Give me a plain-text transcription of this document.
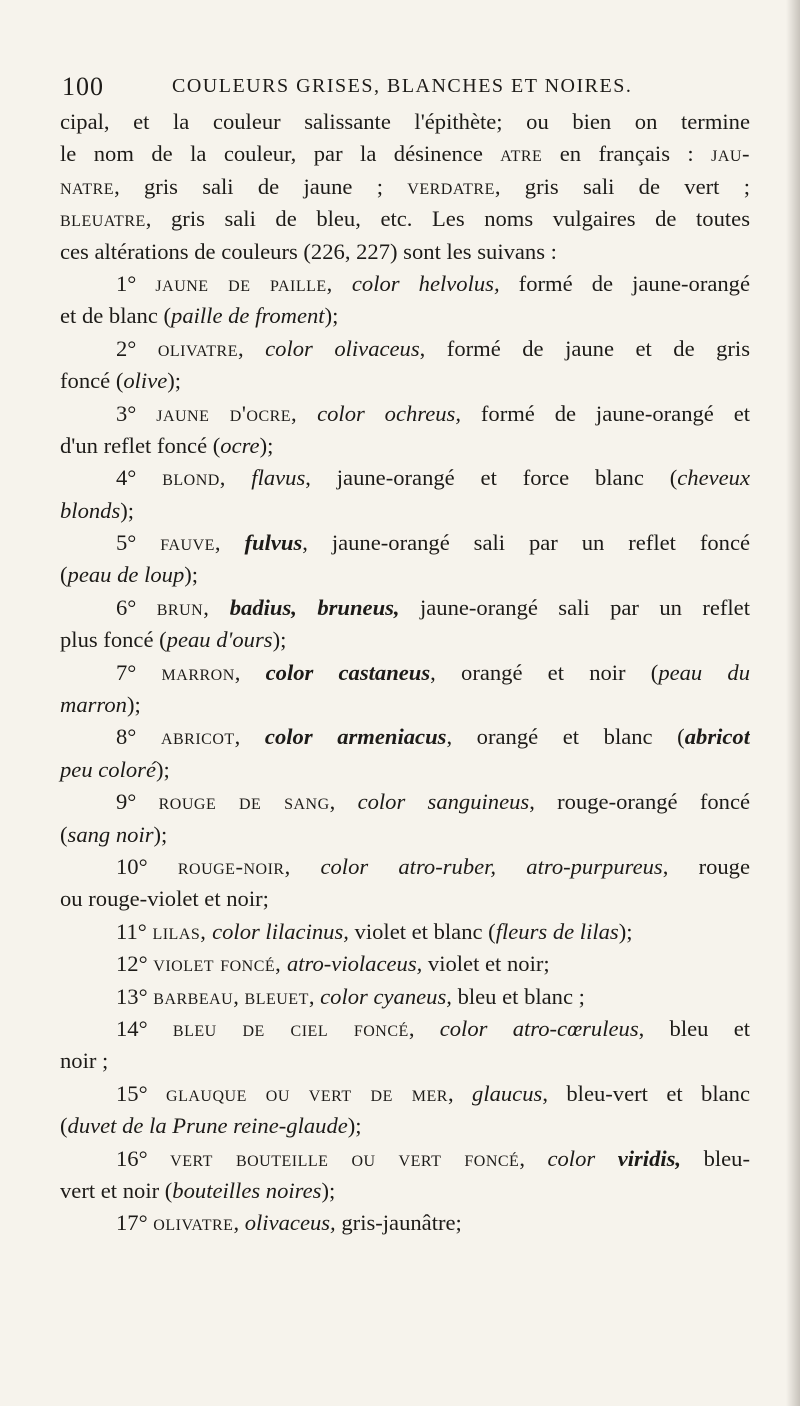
100	COULEURS GRISES, BLANCHES ET NOIRES.
cipal, et la couleur salissante l'épithète; ou bien on termine
le nom de la couleur, par la désinence atre en français : jau-
natre, gris sali de jaune ; verdatre, gris sali de vert ;
bleuatre, gris sali de bleu, etc. Les noms vulgaires de toutes
ces altérations de couleurs (226, 227) sont les suivans :
1° jaune de paille, color helvolus, formé de jaune-orangé
et de blanc (paille de froment);
2° olivatre, color olivaceus, formé de jaune et de gris
foncé (olive);
3° jaune d'ocre, color ochreus, formé de jaune-orangé et
d'un reflet foncé (ocre);
4° blond, flavus, jaune-orangé et force blanc (cheveux
blonds);
5° fauve, fulvus, jaune-orangé sali par un reflet foncé
(peau de loup);
6° brun, badius, bruneus, jaune-orangé sali par un reflet
plus foncé (peau d'ours);
7° marron, color castaneus, orangé et noir (peau du
marron);
8° abricot, color armeniacus, orangé et blanc (abricot
peu coloré);
9° rouge de sang, color sanguineus, rouge-orangé foncé
(sang noir);
10° rouge-noir, color atro-ruber, atro-purpureus, rouge
ou rouge-violet et noir;
11° lilas, color lilacinus, violet et blanc (fleurs de lilas);
12° violet foncé, atro-violaceus, violet et noir;
13° barbeau, bleuet, color cyaneus, bleu et blanc ;
14° bleu de ciel foncé, color atro-cœruleus, bleu et
noir ;
15° glauque ou vert de mer, glaucus, bleu-vert et blanc
(duvet de la Prune reine-glaude);
16° vert bouteille ou vert foncé, color viridis, bleu-
vert et noir (bouteilles noires);
17° olivatre, olivaceus, gris-jaunâtre;
